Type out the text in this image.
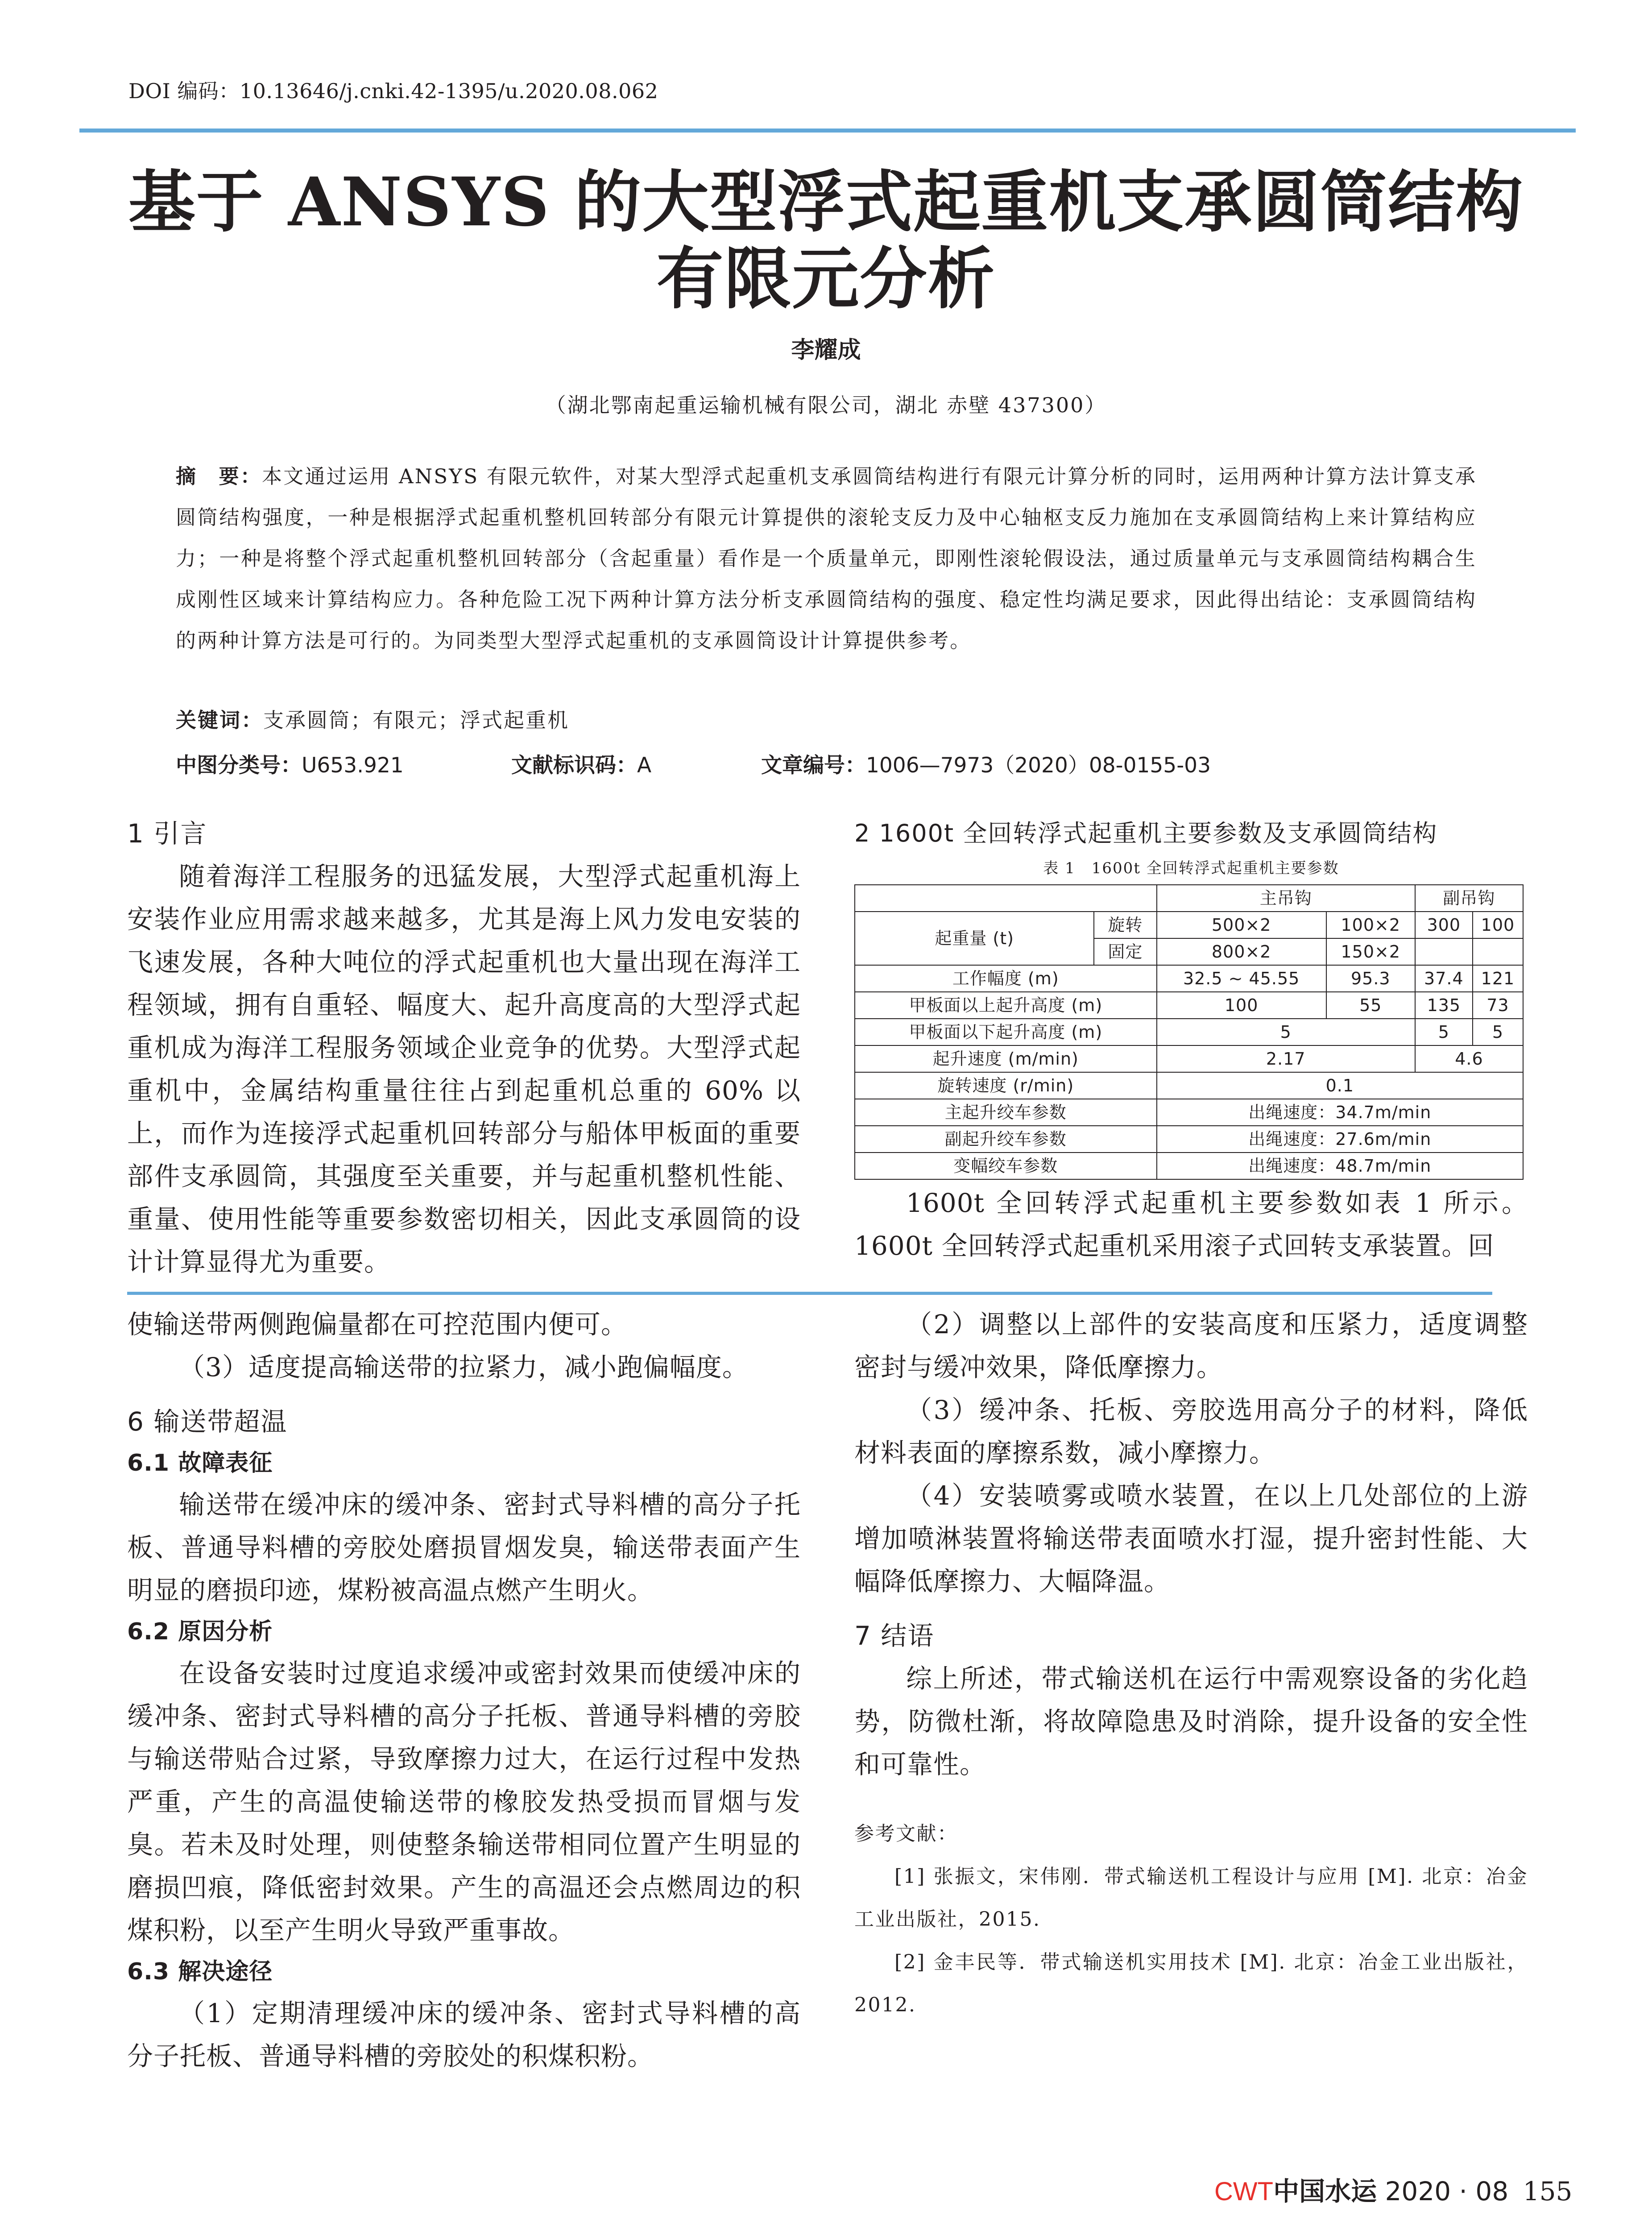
DOI 编码：10.13646/j.cnki.42-1395/u.2020.08.062
基于 ANSYS 的大型浮式起重机支承圆筒结构
有限元分析
李耀成
（湖北鄂南起重运输机械有限公司，湖北 赤壁 437300）
摘　要：本文通过运用 ANSYS 有限元软件，对某大型浮式起重机支承圆筒结构进行有限元计算分析的同时，运用两种计算方法计算支承圆筒结构强度，一种是根据浮式起重机整机回转部分有限元计算提供的滚轮支反力及中心轴枢支反力施加在支承圆筒结构上来计算结构应力；一种是将整个浮式起重机整机回转部分（含起重量）看作是一个质量单元，即刚性滚轮假设法，通过质量单元与支承圆筒结构耦合生成刚性区域来计算结构应力。各种危险工况下两种计算方法分析支承圆筒结构的强度、稳定性均满足要求，因此得出结论：支承圆筒结构的两种计算方法是可行的。为同类型大型浮式起重机的支承圆筒设计计算提供参考。
关键词：支承圆筒；有限元；浮式起重机
中图分类号：U653.921	文献标识码：A	文章编号：1006—7973（2020）08-0155-03
1 引言

随着海洋工程服务的迅猛发展，大型浮式起重机海上安装作业应用需求越来越多，尤其是海上风力发电安装的飞速发展，各种大吨位的浮式起重机也大量出现在海洋工程领域，拥有自重轻、幅度大、起升高度高的大型浮式起重机成为海洋工程服务领域企业竞争的优势。大型浮式起重机中，金属结构重量往往占到起重机总重的 60% 以上，而作为连接浮式起重机回转部分与船体甲板面的重要部件支承圆筒，其强度至关重要，并与起重机整机性能、重量、使用性能等重要参数密切相关，因此支承圆筒的设计计算显得尤为重要。

2 1600t 全回转浮式起重机主要参数及支承圆筒结构
表 1　1600t 全回转浮式起重机主要参数
		主吊钩		副吊钩	
起重量 (t)	旋转	500×2	100×2	300	100
	固定	800×2	150×2		
工作幅度 (m)		32.5 ~ 45.55	95.3	37.4	121
甲板面以上起升高度 (m)		100	55	135	73
甲板面以下起升高度 (m)		5		5	5
起升速度 (m/min)		2.17		4.6	
旋转速度 (r/min)		0.1			
主起升绞车参数		出绳速度：34.7m/min			
副起升绞车参数		出绳速度：27.6m/min			
变幅绞车参数		出绳速度：48.7m/min			

1600t 全回转浮式起重机主要参数如表 1 所示。1600t 全回转浮式起重机采用滚子式回转支承装置。回

使输送带两侧跑偏量都在可控范围内便可。

（3）适度提高输送带的拉紧力，减小跑偏幅度。

6 输送带超温
6.1 故障表征

输送带在缓冲床的缓冲条、密封式导料槽的高分子托板、普通导料槽的旁胶处磨损冒烟发臭，输送带表面产生明显的磨损印迹，煤粉被高温点燃产生明火。

6.2 原因分析

在设备安装时过度追求缓冲或密封效果而使缓冲床的缓冲条、密封式导料槽的高分子托板、普通导料槽的旁胶与输送带贴合过紧，导致摩擦力过大，在运行过程中发热严重，产生的高温使输送带的橡胶发热受损而冒烟与发臭。若未及时处理，则使整条输送带相同位置产生明显的磨损凹痕，降低密封效果。产生的高温还会点燃周边的积煤积粉，以至产生明火导致严重事故。

6.3 解决途径

（1）定期清理缓冲床的缓冲条、密封式导料槽的高分子托板、普通导料槽的旁胶处的积煤积粉。

（2）调整以上部件的安装高度和压紧力，适度调整密封与缓冲效果，降低摩擦力。

（3）缓冲条、托板、旁胶选用高分子的材料，降低材料表面的摩擦系数，减小摩擦力。

（4）安装喷雾或喷水装置，在以上几处部位的上游增加喷淋装置将输送带表面喷水打湿，提升密封性能、大幅降低摩擦力、大幅降温。

7 结语

综上所述，带式输送机在运行中需观察设备的劣化趋势，防微杜渐，将故障隐患及时消除，提升设备的安全性和可靠性。

参考文献：

[1] 张振文，宋伟刚．带式输送机工程设计与应用 [M]. 北京：冶金工业出版社，2015.

[2] 金丰民等．带式输送机实用技术 [M]. 北京：冶金工业出版社，2012.

CWT中国水运 2020 · 08 155
